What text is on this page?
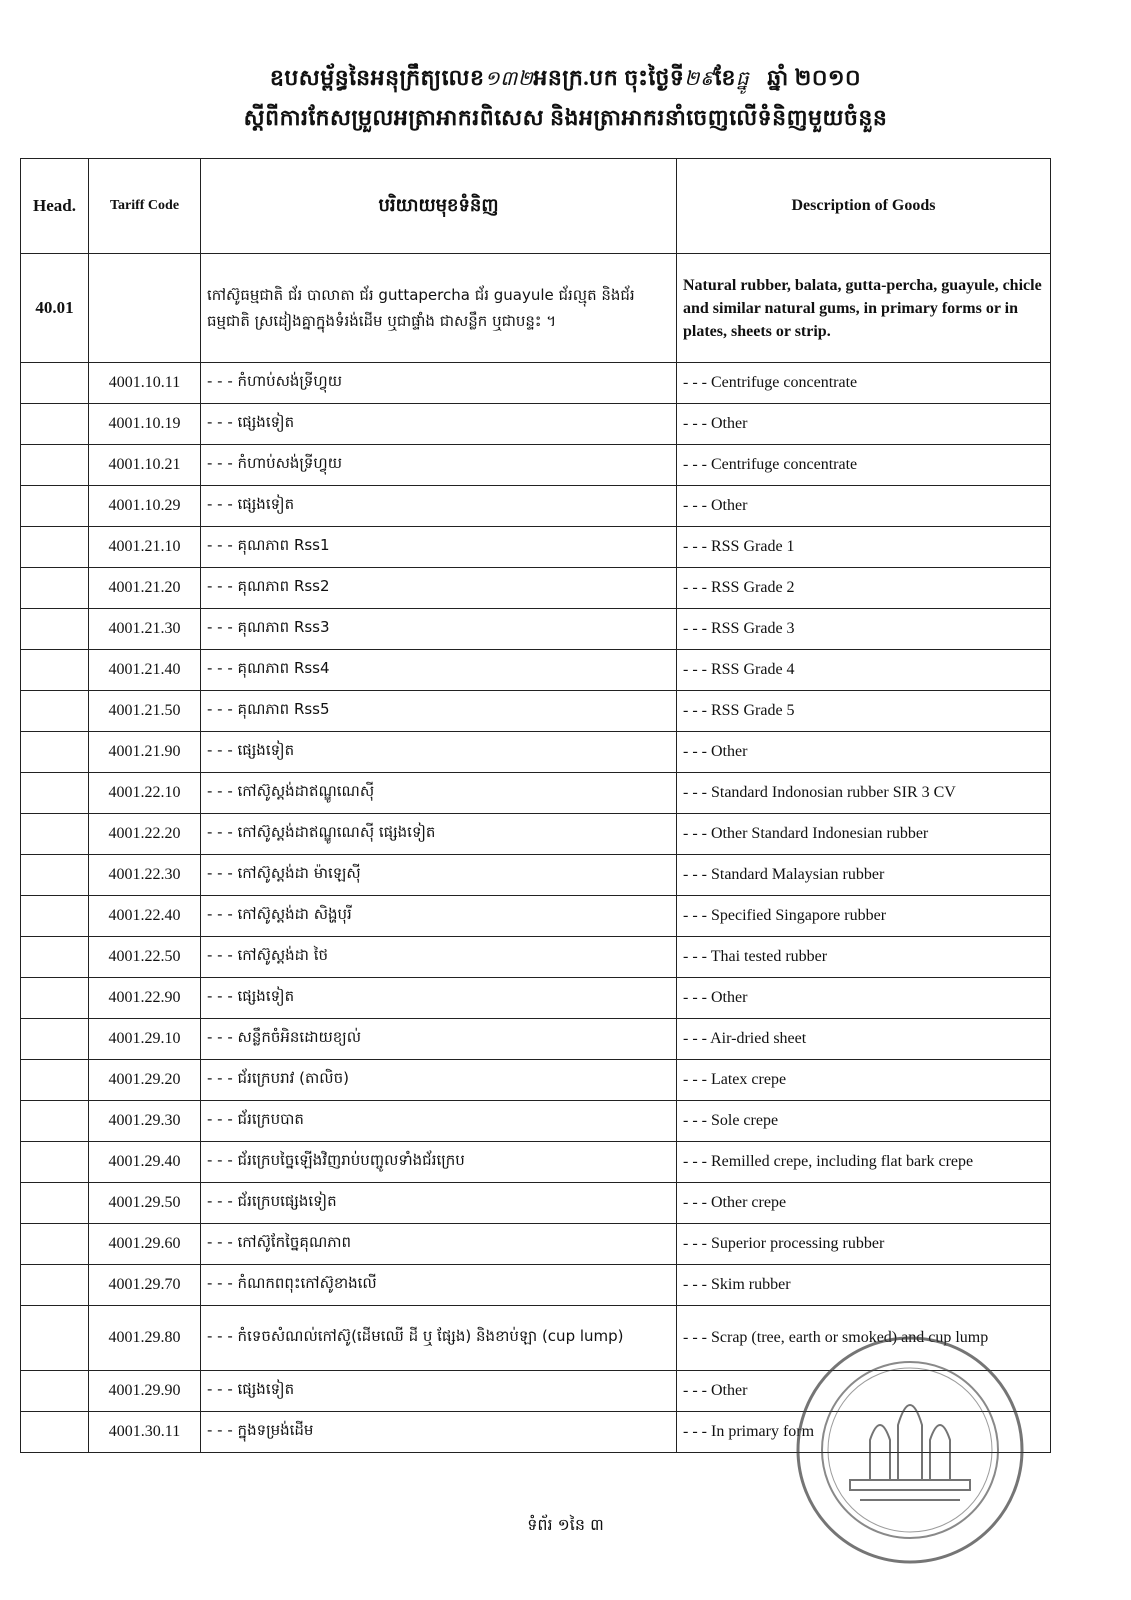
ឧបសម្ព័ន្ធនៃអនុក្រឹត្យលេខ១៣២អនក្រ.បក ចុះថ្ងៃទី២៩ខែធ្នូ ឆ្នាំ ២០១០
ស្ដីពីការកែសម្រួលអត្រាអាករពិសេស និងអត្រាអាករនាំចេញលើទំនិញមួយចំនួន
Head.	Tariff Code	បរិយាយមុខទំនិញ	Description of Goods
40.01		កៅស៊ូធម្មជាតិ ជ័រ បាលាតា ជ័រ guttapercha ជ័រ guayule ជ័រល្មុត និងជ័រធម្មជាតិ ស្រដៀងគ្នាក្នុងទំរង់ដើម ឬជាផ្ទាំង ជាសន្លឹក ឬជាបន្ទះ ។	Natural rubber, balata, gutta-percha, guayule, chicle and similar natural gums, in primary forms or in plates, sheets or strip.
	4001.10.11	- - - កំហាប់សង់ទ្រីហ្វុយ	- - - Centrifuge concentrate
	4001.10.19	- - - ផ្សេងទៀត	- - - Other
	4001.10.21	- - - កំហាប់សង់ទ្រីហ្វុយ	- - - Centrifuge concentrate
	4001.10.29	- - - ផ្សេងទៀត	- - - Other
	4001.21.10	- - - គុណភាព Rss1	- - - RSS Grade 1
	4001.21.20	- - - គុណភាព Rss2	- - - RSS Grade 2
	4001.21.30	- - - គុណភាព Rss3	- - - RSS Grade 3
	4001.21.40	- - - គុណភាព Rss4	- - - RSS Grade 4
	4001.21.50	- - - គុណភាព Rss5	- - - RSS Grade 5
	4001.21.90	- - - ផ្សេងទៀត	- - - Other
	4001.22.10	- - - កៅស៊ូស្តង់ដាឥណ្ឌូណេស៊ី	- - - Standard Indonosian rubber SIR 3 CV
	4001.22.20	- - - កៅស៊ូស្តង់ដាឥណ្ឌូណេស៊ី ផ្សេងទៀត	- - - Other Standard Indonesian rubber
	4001.22.30	- - - កៅស៊ូស្តង់ដា ម៉ាឡេស៊ី	- - - Standard Malaysian rubber
	4001.22.40	- - - កៅស៊ូស្តង់ដា សិង្ហបុរី	- - - Specified Singapore rubber
	4001.22.50	- - - កៅស៊ូស្តង់ដា ថៃ	- - - Thai tested rubber
	4001.22.90	- - - ផ្សេងទៀត	- - - Other
	4001.29.10	- - - សន្លឹកចំអិនដោយខ្យល់	- - - Air-dried sheet
	4001.29.20	- - - ជ័រក្រេបរាវ (តាលិច)	- - - Latex crepe
	4001.29.30	- - - ជ័រក្រេបបាត	- - - Sole crepe
	4001.29.40	- - - ជ័រក្រេបច្នៃឡើងវិញរាប់បញ្ចូលទាំងជ័រក្រេប	- - - Remilled crepe, including flat bark crepe
	4001.29.50	- - - ជ័រក្រេបផ្សេងទៀត	- - - Other crepe
	4001.29.60	- - - កៅស៊ូកែច្នៃគុណភាព	- - - Superior processing rubber
	4001.29.70	- - - កំណកពពុះកៅស៊ូខាងលើ	- - - Skim rubber
	4001.29.80	- - - កំទេចសំណល់កៅស៊ូ(ដើមឈើ ដី ឬ ផ្សែង) និងខាប់ឡា (cup lump)	- - - Scrap (tree, earth or smoked) and cup lump
	4001.29.90	- - - ផ្សេងទៀត	- - - Other
	4001.30.11	- - - ក្នុងទម្រង់ដើម	- - - In primary form
ទំព័រ ១នៃ ៣
